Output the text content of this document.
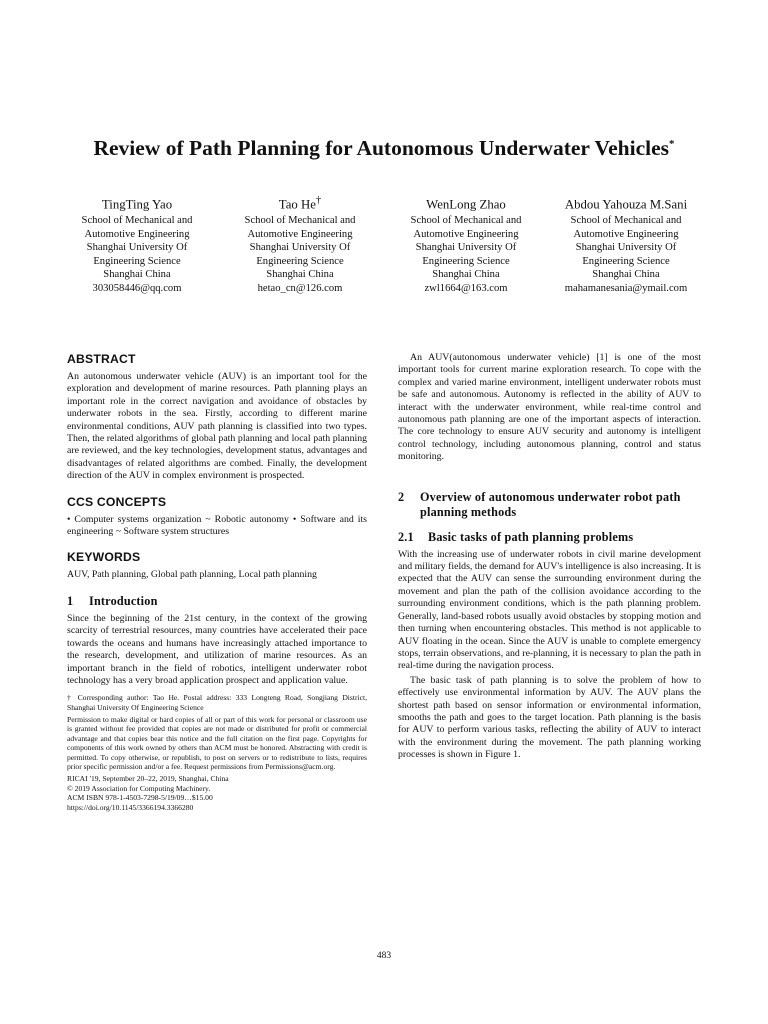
Review of Path Planning for Autonomous Underwater Vehicles*
TingTing Yao
School of Mechanical and
Automotive Engineering
Shanghai University Of
Engineering Science
Shanghai China
303058446@qq.com
Tao He†
School of Mechanical and
Automotive Engineering
Shanghai University Of
Engineering Science
Shanghai China
hetao_cn@126.com
WenLong Zhao
School of Mechanical and
Automotive Engineering
Shanghai University Of
Engineering Science
Shanghai China
zwl1664@163.com
Abdou Yahouza M.Sani
School of Mechanical and
Automotive Engineering
Shanghai University Of
Engineering Science
Shanghai China
mahamanesania@ymail.com
ABSTRACT

An autonomous underwater vehicle (AUV) is an important tool for the exploration and development of marine resources. Path planning plays an important role in the correct navigation and avoidance of obstacles by underwater robots in the sea. Firstly, according to different marine environmental conditions, AUV path planning is classified into two types. Then, the related algorithms of global path planning and local path planning are reviewed, and the key technologies, development status, advantages and disadvantages of related algorithms are combed. Finally, the development direction of the AUV in complex environment is prospected.

CCS CONCEPTS

• Computer systems organization ~ Robotic autonomy • Software and its engineering ~ Software system structures

KEYWORDS

AUV, Path planning, Global path planning, Local path planning

1 Introduction

Since the beginning of the 21st century, in the context of the growing scarcity of terrestrial resources, many countries have accelerated their pace towards the oceans and humans have increasingly attached importance to the research, development, and utilization of marine resources. As an important branch in the field of robotics, intelligent underwater robot technology has a very broad application prospect and application value.

† Corresponding author: Tao He. Postal address: 333 Longteng Road, Songjiang District, Shanghai University Of Engineering Science

Permission to make digital or hard copies of all or part of this work for personal or classroom use is granted without fee provided that copies are not made or distributed for profit or commercial advantage and that copies bear this notice and the full citation on the first page. Copyrights for components of this work owned by others than ACM must be honored. Abstracting with credit is permitted. To copy otherwise, or republish, to post on servers or to redistribute to lists, requires prior specific permission and/or a fee. Request permissions from Permissions@acm.org.

RICAI '19, September 20–22, 2019, Shanghai, China
© 2019 Association for Computing Machinery.
ACM ISBN 978-1-4503-7298-5/19/09…$15.00
https://doi.org/10.1145/3366194.3366280

An AUV(autonomous underwater vehicle) [1] is one of the most important tools for current marine exploration research. To cope with the complex and varied marine environment, intelligent underwater robots must be safe and autonomous. Autonomy is reflected in the ability of AUV to interact with the underwater environment, while real-time control and autonomous path planning are one of the important aspects of interaction. The core technology to ensure AUV security and autonomy is intelligent control technology, including autonomous planning, control and status monitoring.

2 Overview of autonomous underwater robot path planning methods
2.1 Basic tasks of path planning problems

With the increasing use of underwater robots in civil marine development and military fields, the demand for AUV's intelligence is also increasing. It is expected that the AUV can sense the surrounding environment during the movement and plan the path of the collision avoidance according to the surrounding environment conditions, which is the path planning problem. Generally, land-based robots usually avoid obstacles by stopping motion and then turning when encountering obstacles. This method is not applicable to AUV floating in the ocean. Since the AUV is unable to complete emergency stops, terrain observations, and re-planning, it is necessary to plan the path in real-time during the navigation process.

The basic task of path planning is to solve the problem of how to effectively use environmental information by AUV. The AUV plans the shortest path based on sensor information or environmental information, smooths the path and goes to the target location. Path planning is the basis for AUV to perform various tasks, reflecting the ability of AUV to interact with the environment during the movement. The path planning working processes is shown in Figure 1.

483
